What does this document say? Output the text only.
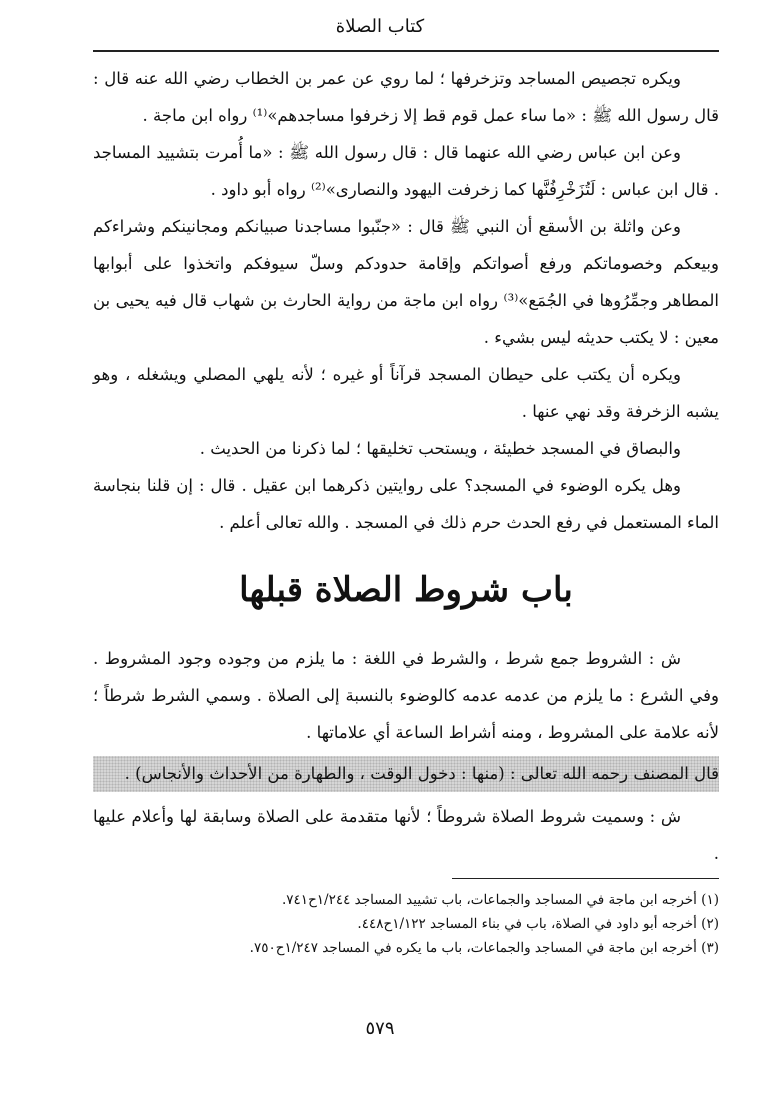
كتاب الصلاة

ويكره تجصيص المساجد وتزخرفها ؛ لما روي عن عمر بن الخطاب رضي الله عنه قال : قال رسول الله ﷺ : «ما ساء عمل قوم قط إلا زخرفوا مساجدهم»⁽¹⁾ رواه ابن ماجة .

وعن ابن عباس رضي الله عنهما قال : قال رسول الله ﷺ : «ما أُمرت بتشييد المساجد . قال ابن عباس : لَتُزَخْرِفُنَّها كما زخرفت اليهود والنصارى»⁽²⁾ رواه أبو داود .

وعن واثلة بن الأسقع أن النبي ﷺ قال : «جنّبوا مساجدنا صبيانكم ومجانينكم وشراءكم وبيعكم وخصوماتكم ورفع أصواتكم وإقامة حدودكم وسلّ سيوفكم واتخذوا على أبوابها المطاهر وجمِّرُوها في الجُمَع»⁽³⁾ رواه ابن ماجة من رواية الحارث بن شهاب قال فيه يحيى بن معين : لا يكتب حديثه ليس بشيء .

ويكره أن يكتب على حيطان المسجد قرآناً أو غيره ؛ لأنه يلهي المصلي ويشغله ، وهو يشبه الزخرفة وقد نهي عنها .

والبصاق في المسجد خطيئة ، ويستحب تخليقها ؛ لما ذكرنا من الحديث .

وهل يكره الوضوء في المسجد؟ على روايتين ذكرهما ابن عقيل . قال : إن قلنا بنجاسة الماء المستعمل في رفع الحدث حرم ذلك في المسجد . والله تعالى أعلم .

باب شروط الصلاة قبلها

ش : الشروط جمع شرط ، والشرط في اللغة : ما يلزم من وجوده وجود المشروط . وفي الشرع : ما يلزم من عدمه عدمه كالوضوء بالنسبة إلى الصلاة . وسمي الشرط شرطاً ؛ لأنه علامة على المشروط ، ومنه أشراط الساعة أي علاماتها .

قال المصنف رحمه الله تعالى : (منها : دخول الوقت ، والطهارة من الأحداث والأنجاس) .

ش : وسميت شروط الصلاة شروطاً ؛ لأنها متقدمة على الصلاة وسابقة لها وأعلام عليها .

(١) أخرجه ابن ماجة في المساجد والجماعات، باب تشييد المساجد ١/٢٤٤ح٧٤١.

(٢) أخرجه أبو داود في الصلاة، باب في بناء المساجد ١/١٢٢ح٤٤٨.

(٣) أخرجه ابن ماجة في المساجد والجماعات، باب ما يكره في المساجد ١/٢٤٧ح٧٥٠.

٥٧٩
